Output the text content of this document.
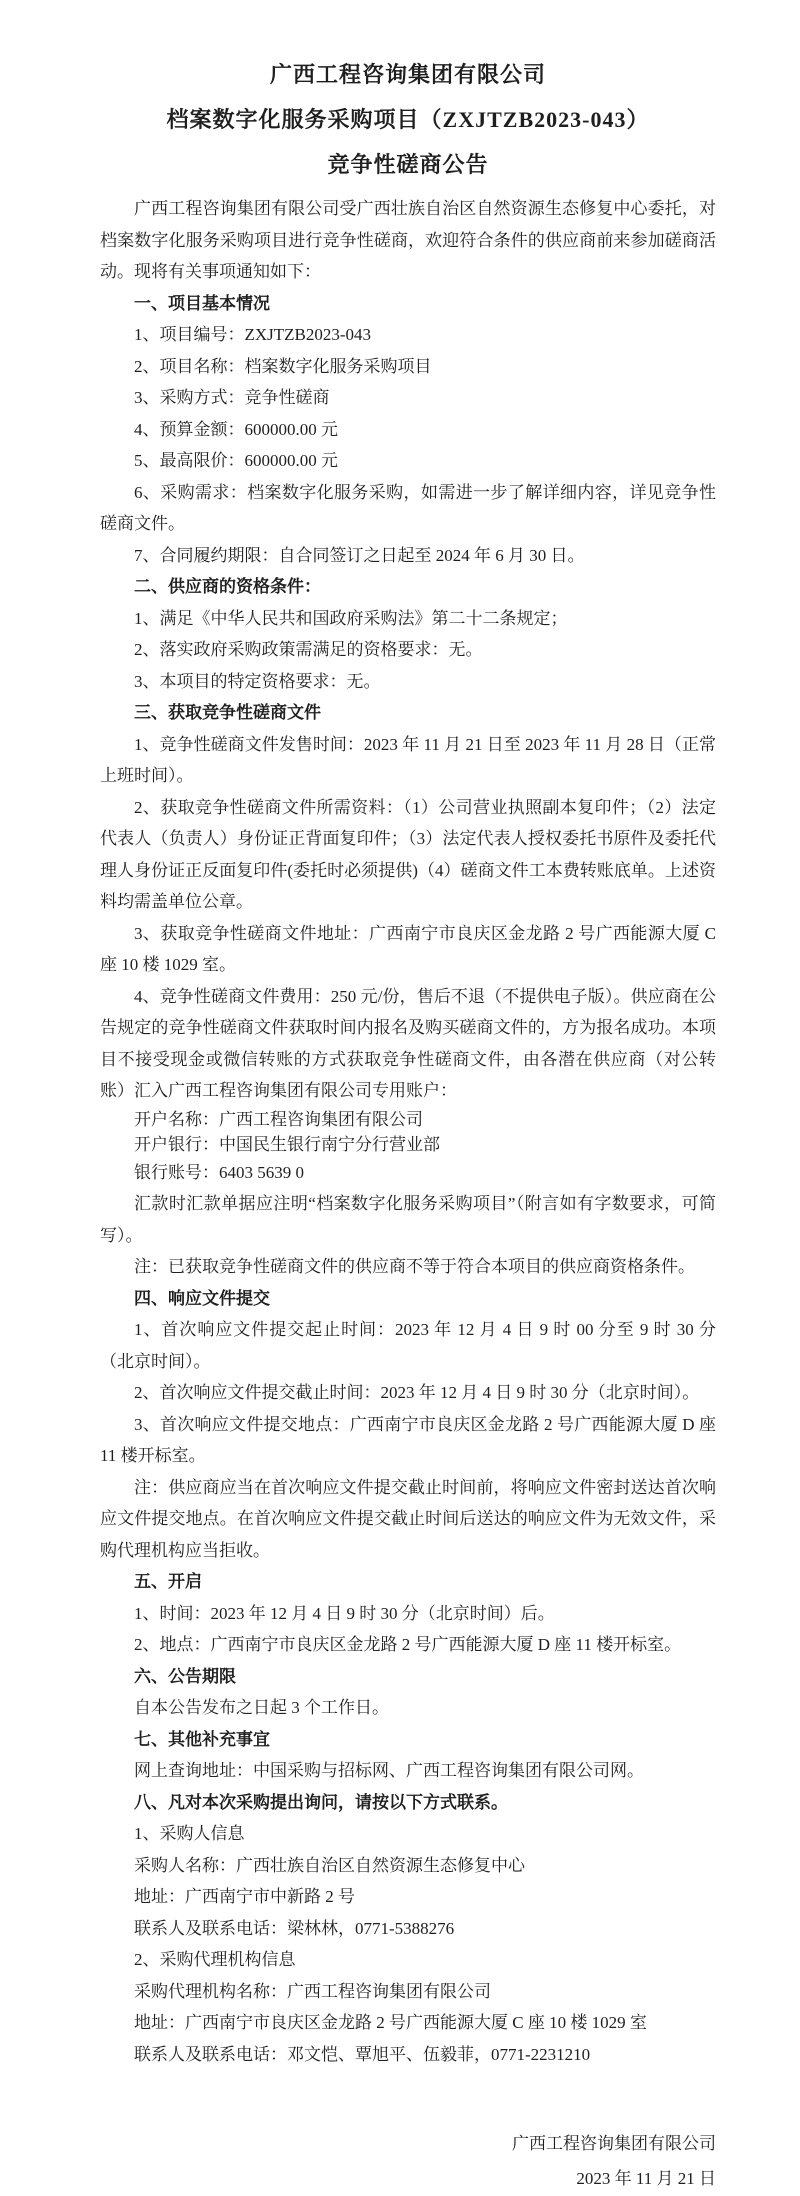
广西工程咨询集团有限公司
档案数字化服务采购项目（ZXJTZB2023-043）
竞争性磋商公告
广西工程咨询集团有限公司受广西壮族自治区自然资源生态修复中心委托，对档案数字化服务采购项目进行竞争性磋商，欢迎符合条件的供应商前来参加磋商活动。现将有关事项通知如下：
一、项目基本情况
1、项目编号：ZXJTZB2023-043
2、项目名称：档案数字化服务采购项目
3、采购方式：竞争性磋商
4、预算金额：600000.00 元
5、最高限价：600000.00 元
6、采购需求：档案数字化服务采购，如需进一步了解详细内容，详见竞争性磋商文件。
7、合同履约期限：自合同签订之日起至 2024 年 6 月 30 日。
二、供应商的资格条件：
1、满足《中华人民共和国政府采购法》第二十二条规定；
2、落实政府采购政策需满足的资格要求：无。
3、本项目的特定资格要求：无。
三、获取竞争性磋商文件
1、竞争性磋商文件发售时间：2023 年 11 月 21 日至 2023 年 11 月 28 日（正常上班时间）。
2、获取竞争性磋商文件所需资料：（1）公司营业执照副本复印件；（2）法定代表人（负责人）身份证正背面复印件；（3）法定代表人授权委托书原件及委托代理人身份证正反面复印件(委托时必须提供)（4）磋商文件工本费转账底单。上述资料均需盖单位公章。
3、获取竞争性磋商文件地址：广西南宁市良庆区金龙路 2 号广西能源大厦 C 座 10 楼 1029 室。
4、竞争性磋商文件费用：250 元/份，售后不退（不提供电子版）。供应商在公告规定的竞争性磋商文件获取时间内报名及购买磋商文件的，方为报名成功。本项目不接受现金或微信转账的方式获取竞争性磋商文件，由各潜在供应商（对公转账）汇入广西工程咨询集团有限公司专用账户：
开户名称：广西工程咨询集团有限公司
开户银行：中国民生银行南宁分行营业部
银行账号：6403 5639 0
汇款时汇款单据应注明“档案数字化服务采购项目”（附言如有字数要求，可简写）。
注：已获取竞争性磋商文件的供应商不等于符合本项目的供应商资格条件。
四、响应文件提交
1、首次响应文件提交起止时间：2023 年 12 月 4 日 9 时 00 分至 9 时 30 分（北京时间）。
2、首次响应文件提交截止时间：2023 年 12 月 4 日 9 时 30 分（北京时间）。
3、首次响应文件提交地点：广西南宁市良庆区金龙路 2 号广西能源大厦 D 座 11 楼开标室。
注：供应商应当在首次响应文件提交截止时间前，将响应文件密封送达首次响应文件提交地点。在首次响应文件提交截止时间后送达的响应文件为无效文件，采购代理机构应当拒收。
五、开启
1、时间：2023 年 12 月 4 日 9 时 30 分（北京时间）后。
2、地点：广西南宁市良庆区金龙路 2 号广西能源大厦 D 座 11 楼开标室。
六、公告期限
自本公告发布之日起 3 个工作日。
七、其他补充事宜
网上查询地址：中国采购与招标网、广西工程咨询集团有限公司网。
八、凡对本次采购提出询问，请按以下方式联系。
1、采购人信息
采购人名称：广西壮族自治区自然资源生态修复中心
地址：广西南宁市中新路 2 号
联系人及联系电话：梁林林，0771-5388276
2、采购代理机构信息
采购代理机构名称：广西工程咨询集团有限公司
地址：广西南宁市良庆区金龙路 2 号广西能源大厦 C 座 10 楼 1029 室
联系人及联系电话：邓文恺、覃旭平、伍毅菲，0771-2231210
广西工程咨询集团有限公司
2023 年 11 月 21 日
